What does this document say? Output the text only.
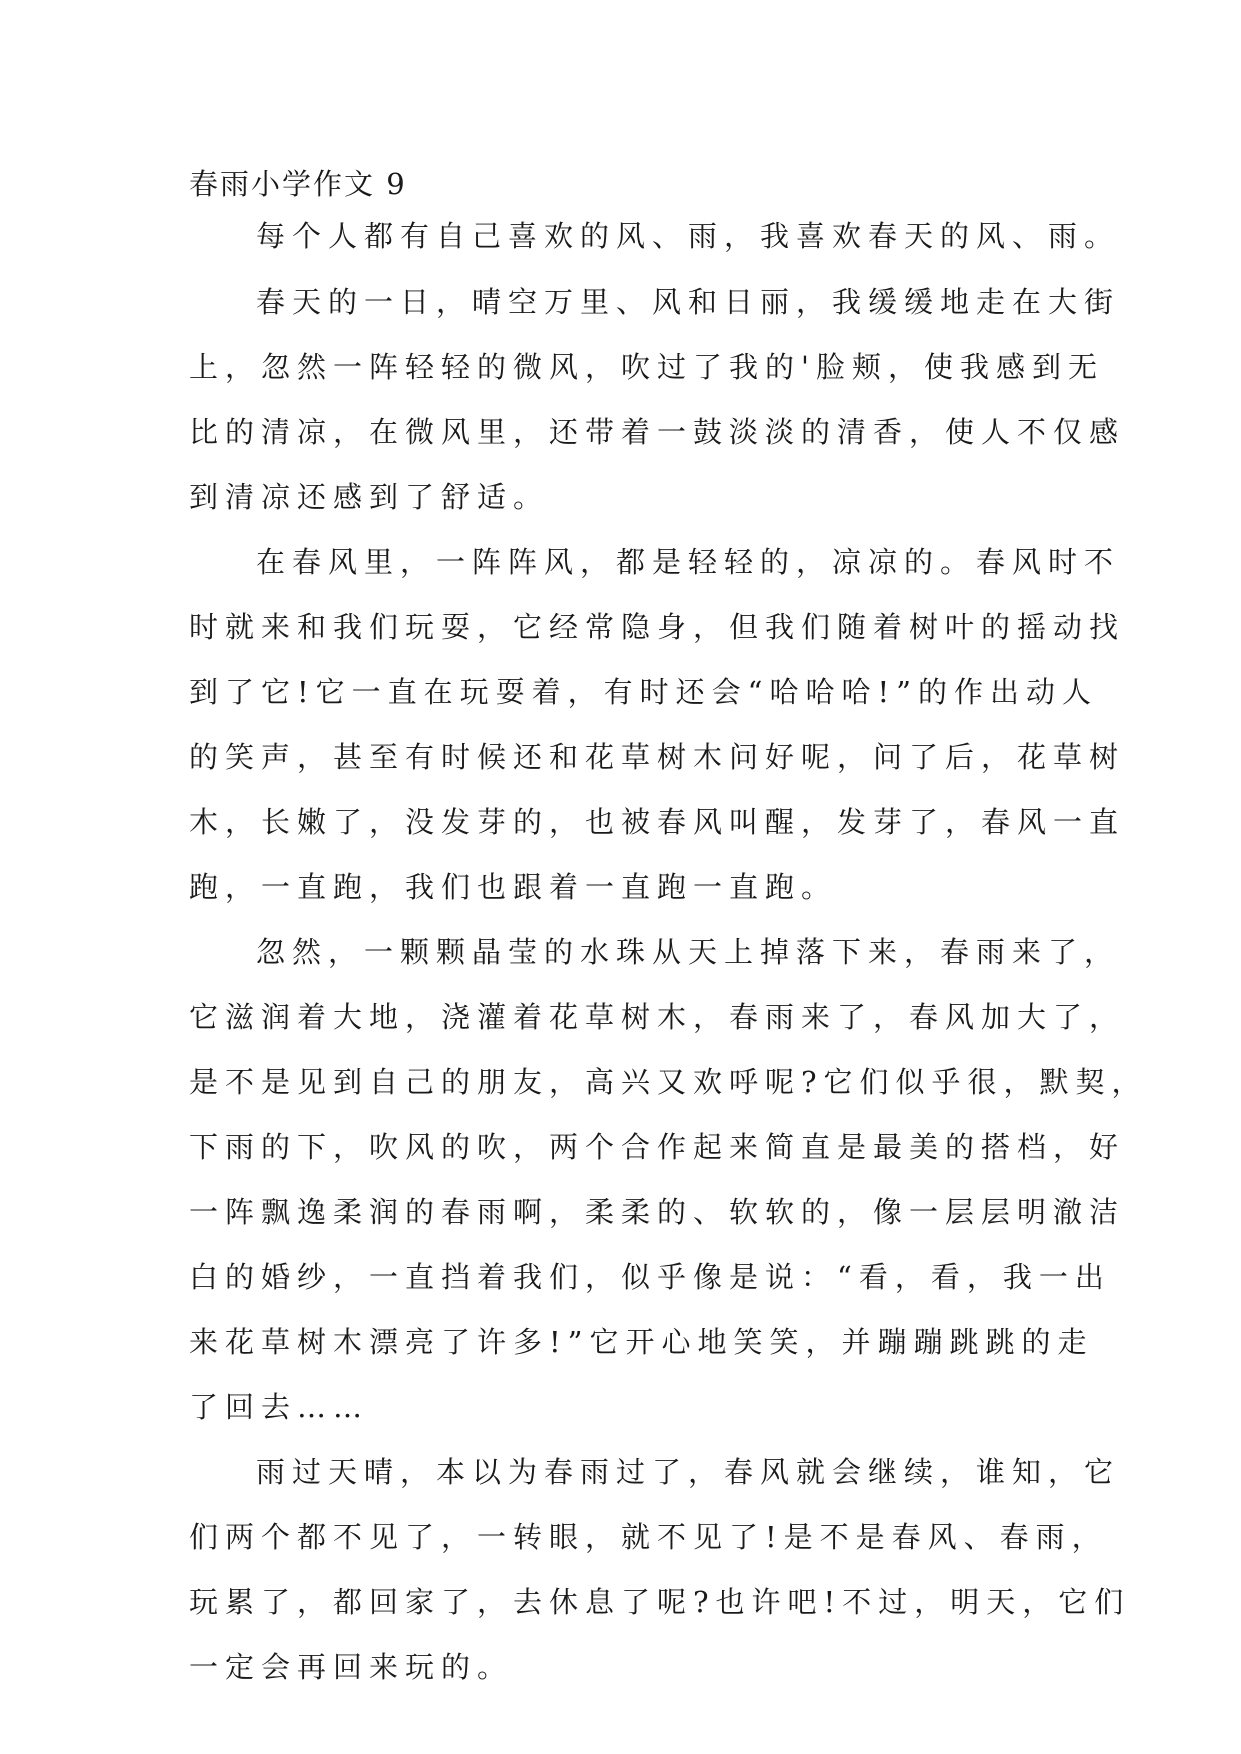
春雨小学作文 9
每个人都有自己喜欢的风、雨，我喜欢春天的风、雨。
春天的一日，晴空万里、风和日丽，我缓缓地走在大街
上，忽然一阵轻轻的微风，吹过了我的'脸颊，使我感到无
比的清凉，在微风里，还带着一鼓淡淡的清香，使人不仅感
到清凉还感到了舒适。
在春风里，一阵阵风，都是轻轻的，凉凉的。春风时不
时就来和我们玩耍，它经常隐身，但我们随着树叶的摇动找
到了它!它一直在玩耍着，有时还会“哈哈哈!”的作出动人
的笑声，甚至有时候还和花草树木问好呢，问了后，花草树
木，长嫩了，没发芽的，也被春风叫醒，发芽了，春风一直
跑，一直跑，我们也跟着一直跑一直跑。
忽然，一颗颗晶莹的水珠从天上掉落下来，春雨来了，
它滋润着大地，浇灌着花草树木，春雨来了，春风加大了，
是不是见到自己的朋友，高兴又欢呼呢?它们似乎很，默契，
下雨的下，吹风的吹，两个合作起来简直是最美的搭档，好
一阵飘逸柔润的春雨啊，柔柔的、软软的，像一层层明澈洁
白的婚纱，一直挡着我们，似乎像是说：“看，看，我一出
来花草树木漂亮了许多!”它开心地笑笑，并蹦蹦跳跳的走
了回去……
雨过天晴，本以为春雨过了，春风就会继续，谁知，它
们两个都不见了，一转眼，就不见了!是不是春风、春雨，
玩累了，都回家了，去休息了呢?也许吧!不过，明天，它们
一定会再回来玩的。
